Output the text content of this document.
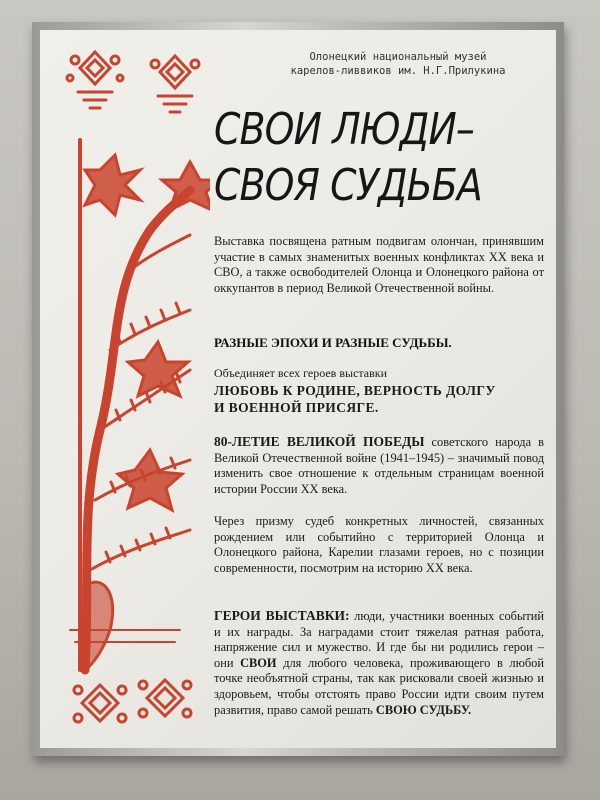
Олонецкий национальный музей
карелов-ливвиков им. Н.Г.Прилукина
СВОИ ЛЮДИ–
СВОЯ СУДЬБА
Выставка посвящена ратным подвигам олончан, принявшим участие в самых знаменитых военных конфликтах XX века и СВО, а также освободителей Олонца и Олонецкого района от оккупантов в период Великой Отечественной войны.
РАЗНЫЕ ЭПОХИ И РАЗНЫЕ СУДЬБЫ.
Объединяет всех героев выставки
ЛЮБОВЬ К РОДИНЕ, ВЕРНОСТЬ ДОЛГУ
И ВОЕННОЙ ПРИСЯГЕ.
80-ЛЕТИЕ ВЕЛИКОЙ ПОБЕДЫ советского народа в Великой Отечественной войне (1941–1945) – значимый повод изменить свое отношение к отдельным страницам военной истории России XX века.
Через призму судеб конкретных личностей, связанных рождением или событийно с территорией Олонца и Олонецкого района, Карелии глазами героев, но с позиции современности, посмотрим на историю XX века.
ГЕРОИ ВЫСТАВКИ: люди, участники военных событий и их награды. За наградами стоит тяжелая ратная работа, напряжение сил и мужество. И где бы ни родились герои – они СВОИ для любого человека, проживающего в любой точке необъятной страны, так как рисковали своей жизнью и здоровьем, чтобы отстоять право России идти своим путем развития, право самой решать СВОЮ СУДЬБУ.
